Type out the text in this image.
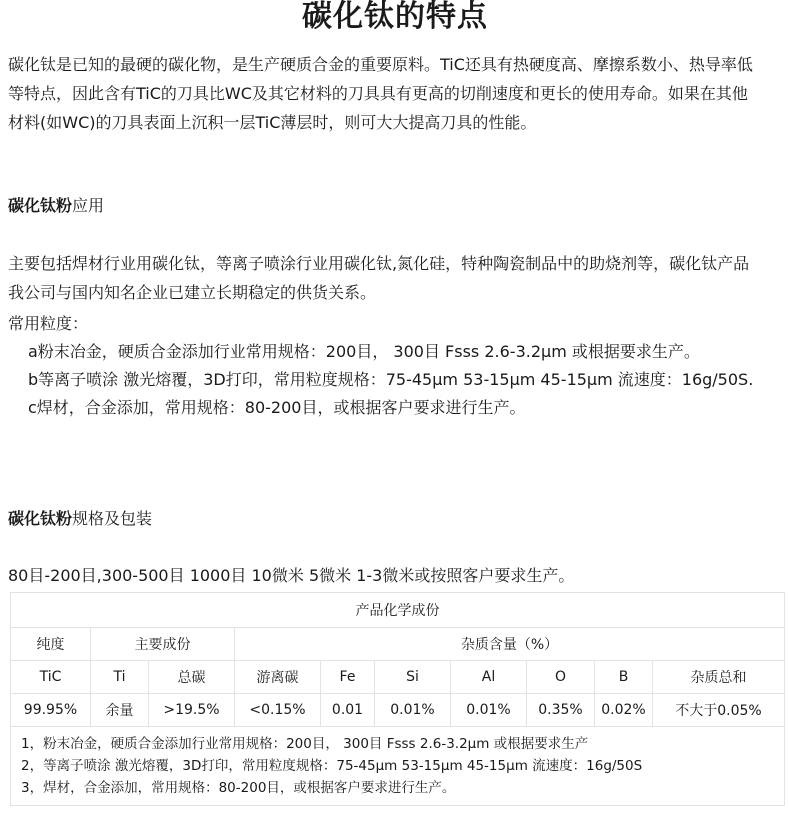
碳化钛的特点
碳化钛是已知的最硬的碳化物，是生产硬质合金的重要原料。TiC还具有热硬度高、摩擦系数小、热导率低
等特点，因此含有TiC的刀具比WC及其它材料的刀具具有更高的切削速度和更长的使用寿命。如果在其他
材料(如WC)的刀具表面上沉积一层TiC薄层时，则可大大提高刀具的性能。
碳化钛粉应用
主要包括焊材行业用碳化钛，等离子喷涂行业用碳化钛,氮化硅，特种陶瓷制品中的助烧剂等，碳化钛产品
我公司与国内知名企业已建立长期稳定的供货关系。
常用粒度：
a粉末冶金，硬质合金添加行业常用规格：200目， 300目 Fsss 2.6-3.2μm 或根据要求生产。
b等离子喷涂 激光熔覆，3D打印，常用粒度规格：75-45μm 53-15μm 45-15μm 流速度：16g/50S.
c焊材，合金添加，常用规格：80-200目，或根据客户要求进行生产。
碳化钛粉规格及包装
80目-200目,300-500目 1000目 10微米 5微米 1-3微米或按照客户要求生产。
产品化学成份									
纯度	主要成份		杂质含量（%）						
TiC	Ti	总碳	游离碳	Fe	Si	Al	O	B	杂质总和
99.95%	余量	>19.5%	<0.15%	0.01	0.01%	0.01%	0.35%	0.02%	不大于0.05%

1，粉末冶金，硬质合金添加行业常用规格：200目， 300目 Fsss 2.6-3.2μm 或根据要求生产
2，等离子喷涂 激光熔覆，3D打印，常用粒度规格：75-45μm 53-15μm 45-15μm 流速度：16g/50S
3，焊材，合金添加，常用规格：80-200目，或根据客户要求进行生产。									
